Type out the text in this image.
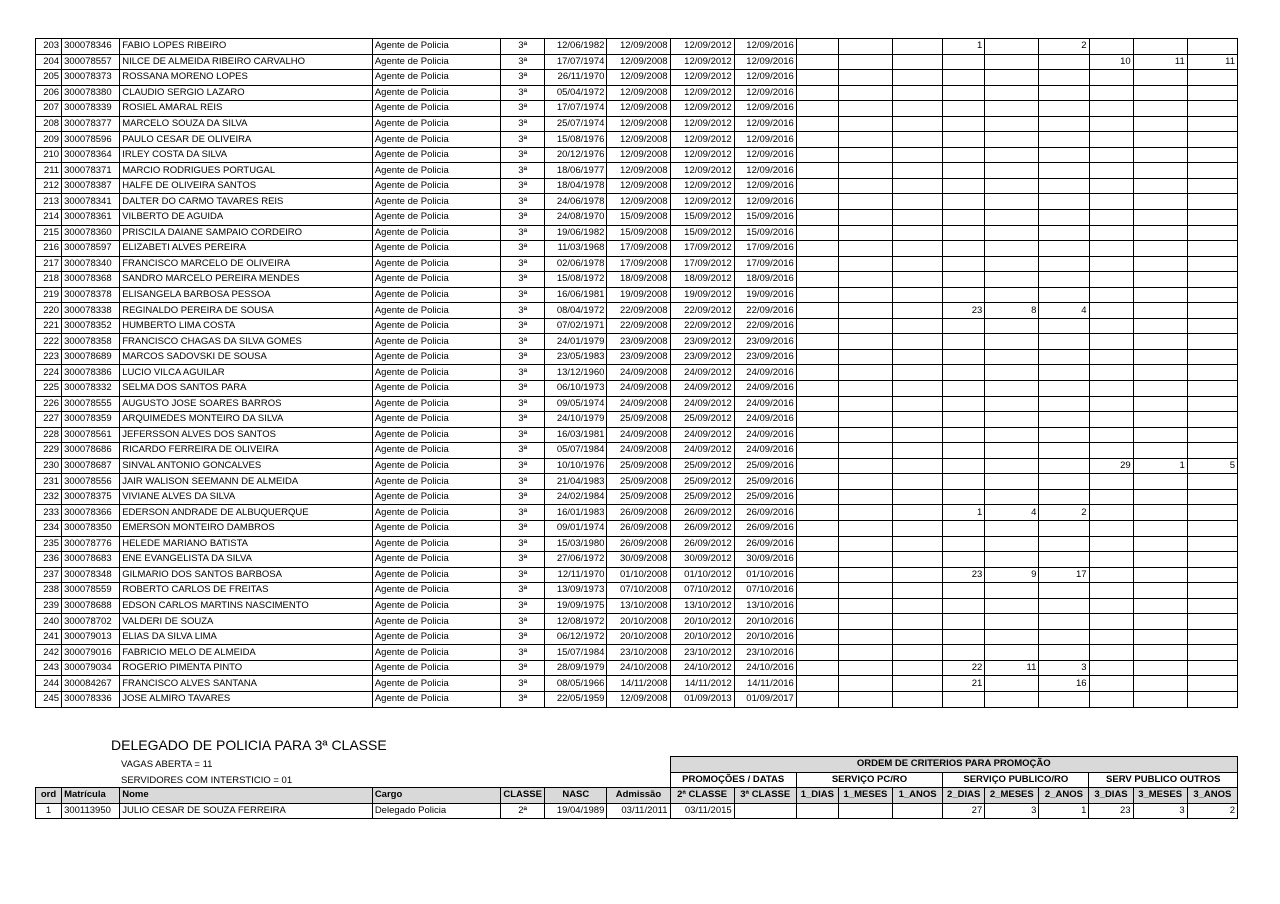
203	300078346	FABIO LOPES RIBEIRO	Agente de Policia	3ª	12/06/1982	12/09/2008	12/09/2012	12/09/2016				1		2			
204	300078557	NILCE DE ALMEIDA RIBEIRO CARVALHO	Agente de Policia	3ª	17/07/1974	12/09/2008	12/09/2012	12/09/2016							10	11	11
205	300078373	ROSSANA MORENO LOPES	Agente de Policia	3ª	26/11/1970	12/09/2008	12/09/2012	12/09/2016									
206	300078380	CLAUDIO SERGIO LAZARO	Agente de Policia	3ª	05/04/1972	12/09/2008	12/09/2012	12/09/2016									
207	300078339	ROSIEL AMARAL REIS	Agente de Policia	3ª	17/07/1974	12/09/2008	12/09/2012	12/09/2016									
208	300078377	MARCELO SOUZA DA SILVA	Agente de Policia	3ª	25/07/1974	12/09/2008	12/09/2012	12/09/2016									
209	300078596	PAULO CESAR DE OLIVEIRA	Agente de Policia	3ª	15/08/1976	12/09/2008	12/09/2012	12/09/2016									
210	300078364	IRLEY COSTA DA SILVA	Agente de Policia	3ª	20/12/1976	12/09/2008	12/09/2012	12/09/2016									
211	300078371	MARCIO RODRIGUES PORTUGAL	Agente de Policia	3ª	18/06/1977	12/09/2008	12/09/2012	12/09/2016									
212	300078387	HALFE DE OLIVEIRA SANTOS	Agente de Policia	3ª	18/04/1978	12/09/2008	12/09/2012	12/09/2016									
213	300078341	DALTER DO CARMO TAVARES REIS	Agente de Policia	3ª	24/06/1978	12/09/2008	12/09/2012	12/09/2016									
214	300078361	VILBERTO DE AGUIDA	Agente de Policia	3ª	24/08/1970	15/09/2008	15/09/2012	15/09/2016									
215	300078360	PRISCILA DAIANE SAMPAIO CORDEIRO	Agente de Policia	3ª	19/06/1982	15/09/2008	15/09/2012	15/09/2016									
216	300078597	ELIZABETI ALVES PEREIRA	Agente de Policia	3ª	11/03/1968	17/09/2008	17/09/2012	17/09/2016									
217	300078340	FRANCISCO MARCELO DE OLIVEIRA	Agente de Policia	3ª	02/06/1978	17/09/2008	17/09/2012	17/09/2016									
218	300078368	SANDRO MARCELO PEREIRA MENDES	Agente de Policia	3ª	15/08/1972	18/09/2008	18/09/2012	18/09/2016									
219	300078378	ELISANGELA BARBOSA PESSOA	Agente de Policia	3ª	16/06/1981	19/09/2008	19/09/2012	19/09/2016									
220	300078338	REGINALDO PEREIRA DE SOUSA	Agente de Policia	3ª	08/04/1972	22/09/2008	22/09/2012	22/09/2016				23	8	4			
221	300078352	HUMBERTO LIMA COSTA	Agente de Policia	3ª	07/02/1971	22/09/2008	22/09/2012	22/09/2016									
222	300078358	FRANCISCO CHAGAS DA SILVA GOMES	Agente de Policia	3ª	24/01/1979	23/09/2008	23/09/2012	23/09/2016									
223	300078689	MARCOS SADOVSKI DE SOUSA	Agente de Policia	3ª	23/05/1983	23/09/2008	23/09/2012	23/09/2016									
224	300078386	LUCIO VILCA AGUILAR	Agente de Policia	3ª	13/12/1960	24/09/2008	24/09/2012	24/09/2016									
225	300078332	SELMA DOS SANTOS PARA	Agente de Policia	3ª	06/10/1973	24/09/2008	24/09/2012	24/09/2016									
226	300078555	AUGUSTO JOSE SOARES BARROS	Agente de Policia	3ª	09/05/1974	24/09/2008	24/09/2012	24/09/2016									
227	300078359	ARQUIMEDES MONTEIRO DA SILVA	Agente de Policia	3ª	24/10/1979	25/09/2008	25/09/2012	24/09/2016									
228	300078561	JEFERSSON ALVES DOS SANTOS	Agente de Policia	3ª	16/03/1981	24/09/2008	24/09/2012	24/09/2016									
229	300078686	RICARDO FERREIRA DE OLIVEIRA	Agente de Policia	3ª	05/07/1984	24/09/2008	24/09/2012	24/09/2016									
230	300078687	SINVAL ANTONIO GONCALVES	Agente de Policia	3ª	10/10/1976	25/09/2008	25/09/2012	25/09/2016							29	1	5
231	300078556	JAIR WALISON SEEMANN DE ALMEIDA	Agente de Policia	3ª	21/04/1983	25/09/2008	25/09/2012	25/09/2016									
232	300078375	VIVIANE ALVES DA SILVA	Agente de Policia	3ª	24/02/1984	25/09/2008	25/09/2012	25/09/2016									
233	300078366	EDERSON ANDRADE DE ALBUQUERQUE	Agente de Policia	3ª	16/01/1983	26/09/2008	26/09/2012	26/09/2016				1	4	2			
234	300078350	EMERSON MONTEIRO DAMBROS	Agente de Policia	3ª	09/01/1974	26/09/2008	26/09/2012	26/09/2016									
235	300078776	HELEDE MARIANO BATISTA	Agente de Policia	3ª	15/03/1980	26/09/2008	26/09/2012	26/09/2016									
236	300078683	ENE EVANGELISTA DA SILVA	Agente de Policia	3ª	27/06/1972	30/09/2008	30/09/2012	30/09/2016									
237	300078348	GILMARIO DOS SANTOS BARBOSA	Agente de Policia	3ª	12/11/1970	01/10/2008	01/10/2012	01/10/2016				23	9	17			
238	300078559	ROBERTO CARLOS DE FREITAS	Agente de Policia	3ª	13/09/1973	07/10/2008	07/10/2012	07/10/2016									
239	300078688	EDSON CARLOS MARTINS NASCIMENTO	Agente de Policia	3ª	19/09/1975	13/10/2008	13/10/2012	13/10/2016									
240	300078702	VALDERI DE SOUZA	Agente de Policia	3ª	12/08/1972	20/10/2008	20/10/2012	20/10/2016									
241	300079013	ELIAS DA SILVA LIMA	Agente de Policia	3ª	06/12/1972	20/10/2008	20/10/2012	20/10/2016									
242	300079016	FABRICIO MELO DE ALMEIDA	Agente de Policia	3ª	15/07/1984	23/10/2008	23/10/2012	23/10/2016									
243	300079034	ROGERIO PIMENTA PINTO	Agente de Policia	3ª	28/09/1979	24/10/2008	24/10/2012	24/10/2016				22	11	3			
244	300084267	FRANCISCO ALVES SANTANA	Agente de Policia	3ª	08/05/1966	14/11/2008	14/11/2012	14/11/2016				21		16			
245	300078336	JOSE ALMIRO TAVARES	Agente de Policia	3ª	22/05/1959	12/09/2008	01/09/2013	01/09/2017									
DELEGADO DE POLICIA PARA 3ª CLASSE
VAGAS ABERTA = 11
SERVIDORES COM INTERSTICIO = 01
							ORDEM DE CRITERIOS PARA PROMOÇÃO										
							PROMOÇÕES / DATAS		SERVIÇO PC/RO			SERVIÇO PUBLICO/RO			SERV PUBLICO OUTROS		
ord	Matrícula	Nome	Cargo	CLASSE	NASC	Admissão	2ª CLASSE	3ª CLASSE	1_DIAS	1_MESES	1_ANOS	2_DIAS	2_MESES	2_ANOS	3_DIAS	3_MESES	3_ANOS
1	300113950	JULIO CESAR DE SOUZA FERREIRA	Delegado Policia	2ª	19/04/1989	03/11/2011	03/11/2015					27	3	1	23	3	2
